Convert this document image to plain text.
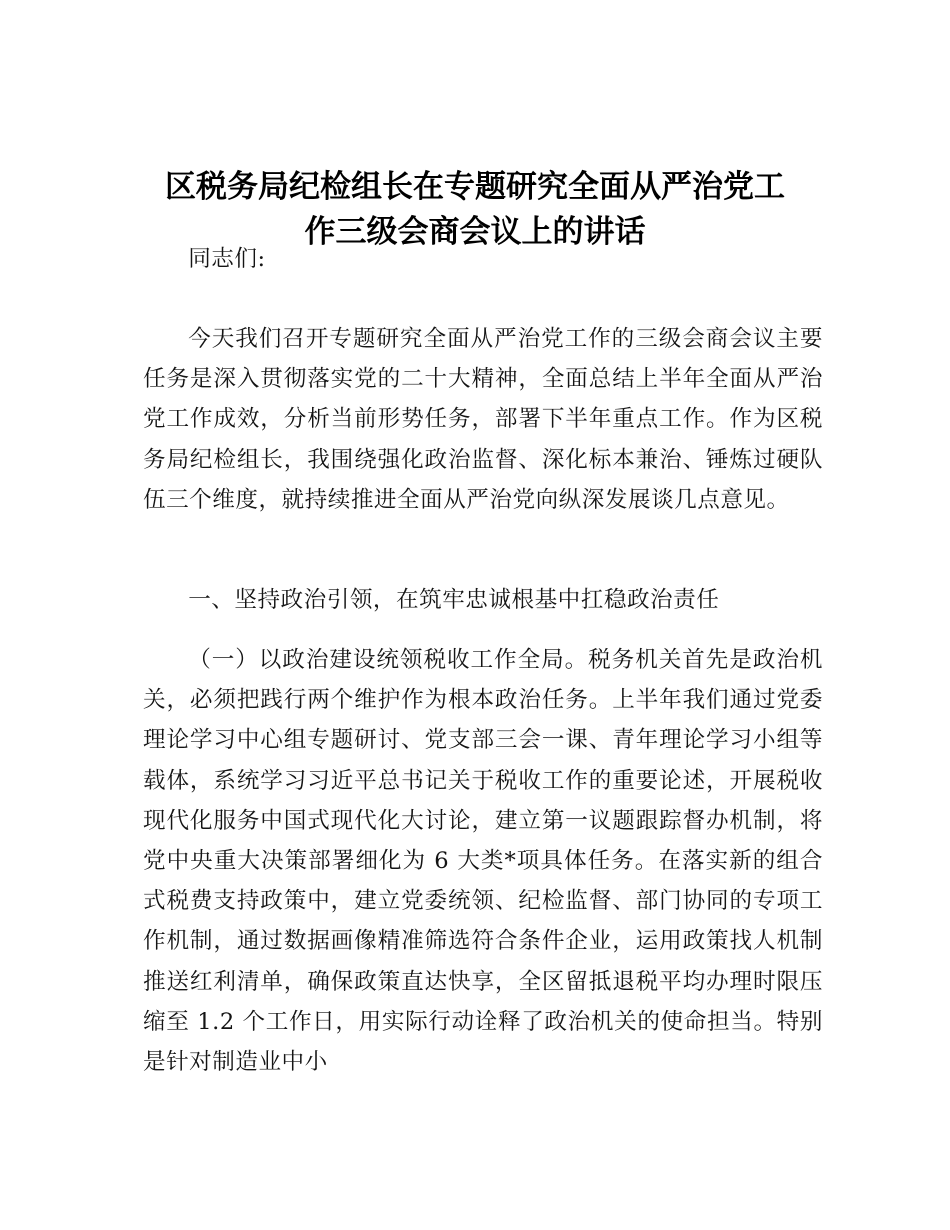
区税务局纪检组长在专题研究全面从严治党工
作三级会商会议上的讲话

同志们:

今天我们召开专题研究全面从严治党工作的三级会商会议主要任务是深入贯彻落实党的二十大精神，全面总结上半年全面从严治党工作成效，分析当前形势任务，部署下半年重点工作。作为区税务局纪检组长，我围绕强化政治监督、深化标本兼治、锤炼过硬队伍三个维度，就持续推进全面从严治党向纵深发展谈几点意见。

一、坚持政治引领，在筑牢忠诚根基中扛稳政治责任

（一）以政治建设统领税收工作全局。税务机关首先是政治机关，必须把践行两个维护作为根本政治任务。上半年我们通过党委理论学习中心组专题研讨、党支部三会一课、青年理论学习小组等载体，系统学习习近平总书记关于税收工作的重要论述，开展税收现代化服务中国式现代化大讨论，建立第一议题跟踪督办机制，将党中央重大决策部署细化为 6 大类*项具体任务。在落实新的组合式税费支持政策中，建立党委统领、纪检监督、部门协同的专项工作机制，通过数据画像精准筛选符合条件企业，运用政策找人机制推送红利清单，确保政策直达快享，全区留抵退税平均办理时限压缩至 1.2 个工作日，用实际行动诠释了政治机关的使命担当。特别是针对制造业中小
